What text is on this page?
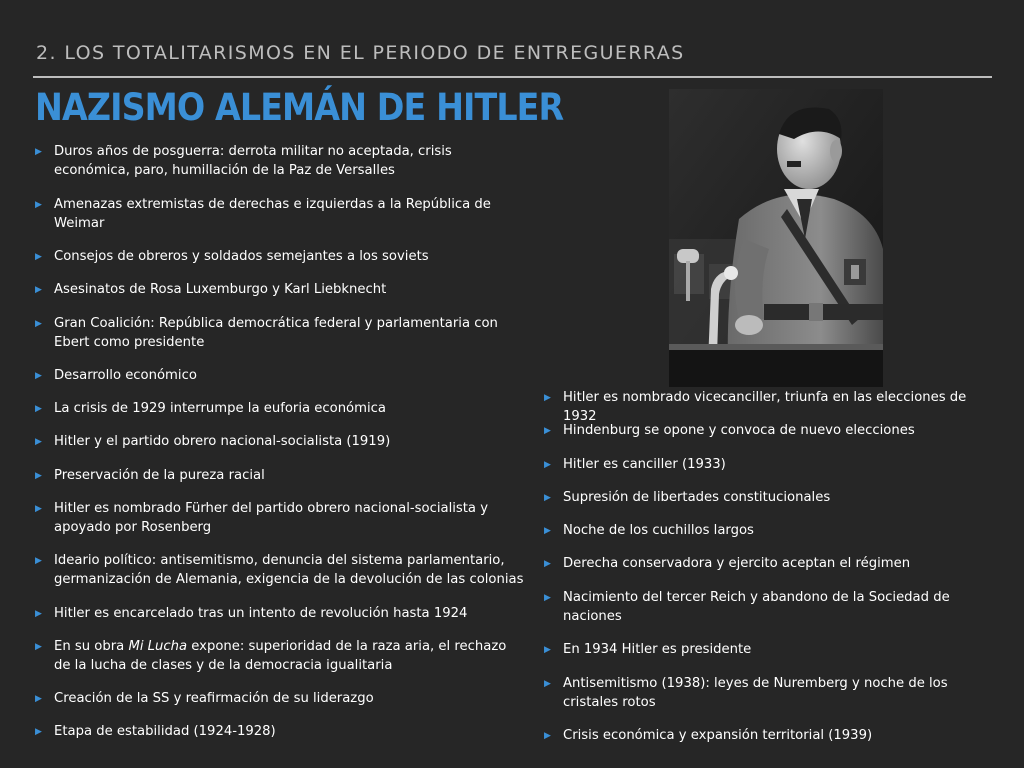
2. LOS TOTALITARISMOS EN EL PERIODO DE ENTREGUERRAS
NAZISMO ALEMÁN DE HITLER
▶ Duros años de posguerra: derrota militar no aceptada, crisis económica, paro, humillación de la Paz de Versalles
▶ Amenazas extremistas de derechas e izquierdas a la República de Weimar
▶ Consejos de obreros y soldados semejantes a los soviets
▶ Asesinatos de Rosa Luxemburgo y Karl Liebknecht
▶ Gran Coalición: República democrática federal y parlamentaria con Ebert como presidente
▶ Desarrollo económico
▶ La crisis de 1929 interrumpe la euforia económica
▶ Hitler y el partido obrero nacional-socialista (1919)
▶ Preservación de la pureza racial
▶ Hitler es nombrado Fürher del partido obrero nacional-socialista y apoyado por Rosenberg
▶ Ideario político: antisemitismo, denuncia del sistema parlamentario, germanización de Alemania, exigencia de la devolución de las colonias
▶ Hitler es encarcelado tras un intento de revolución hasta 1924
▶ En su obra Mi Lucha expone: superioridad de la raza aria, el rechazo de la lucha de clases y de la democracia igualitaria
▶ Creación de la SS y reafirmación de su liderazgo
▶ Etapa de estabilidad (1924-1928)
▶ Hitler es nombrado vicecanciller, triunfa en las elecciones de 1932
▶ Hindenburg se opone y convoca de nuevo elecciones
▶ Hitler es canciller (1933)
▶ Supresión de libertades constitucionales
▶ Noche de los cuchillos largos
▶ Derecha conservadora y ejercito aceptan el régimen
▶ Nacimiento del tercer Reich y abandono de la Sociedad de naciones
▶ En 1934 Hitler es presidente
▶ Antisemitismo (1938): leyes de Nuremberg y noche de los cristales rotos
▶ Crisis económica y expansión territorial (1939)
